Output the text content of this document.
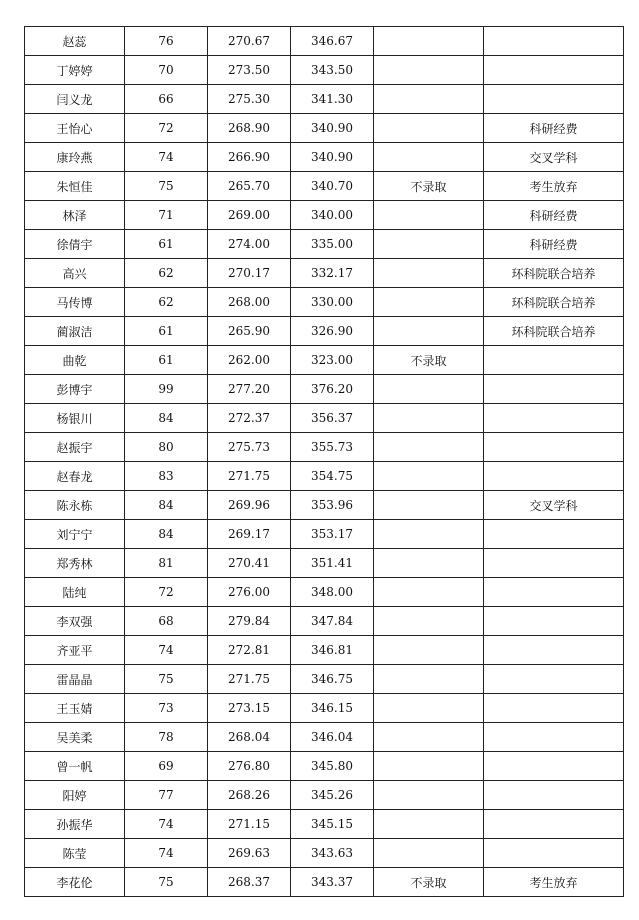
赵蕊	76	270.67	346.67		
丁婷婷	70	273.50	343.50		
闫义龙	66	275.30	341.30		
王怡心	72	268.90	340.90		科研经费
康玲燕	74	266.90	340.90		交叉学科
朱恒佳	75	265.70	340.70	不录取	考生放弃
林泽	71	269.00	340.00		科研经费
徐倩宇	61	274.00	335.00		科研经费
高兴	62	270.17	332.17		环科院联合培养
马传博	62	268.00	330.00		环科院联合培养
蔺淑洁	61	265.90	326.90		环科院联合培养
曲乾	61	262.00	323.00	不录取	
彭博宇	99	277.20	376.20		
杨银川	84	272.37	356.37		
赵振宇	80	275.73	355.73		
赵春龙	83	271.75	354.75		
陈永栋	84	269.96	353.96		交叉学科
刘宁宁	84	269.17	353.17		
郑秀林	81	270.41	351.41		
陆纯	72	276.00	348.00		
李双强	68	279.84	347.84		
齐亚平	74	272.81	346.81		
雷晶晶	75	271.75	346.75		
王玉婧	73	273.15	346.15		
吴美柔	78	268.04	346.04		
曾一帆	69	276.80	345.80		
阳婷	77	268.26	345.26		
孙振华	74	271.15	345.15		
陈莹	74	269.63	343.63		
李花伦	75	268.37	343.37	不录取	考生放弃
